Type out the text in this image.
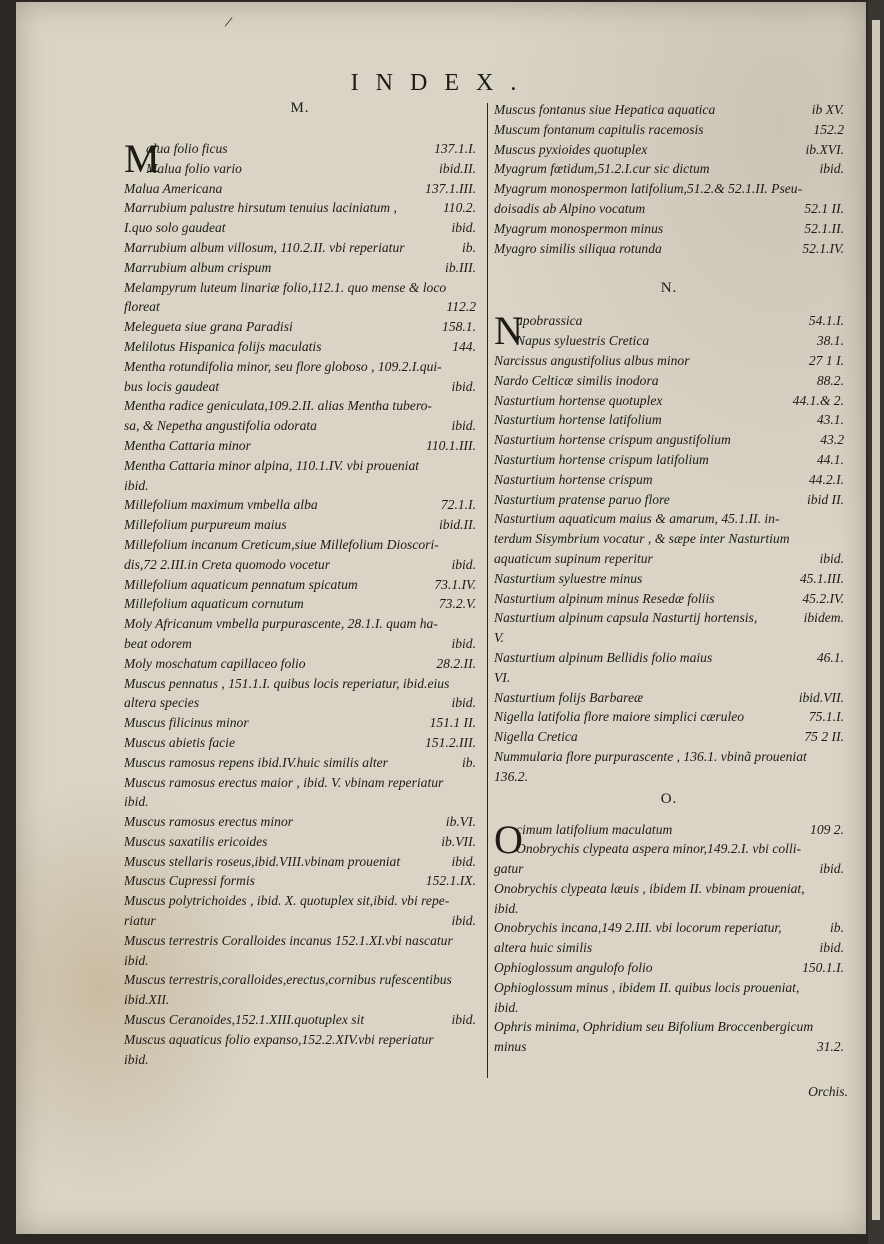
/
INDEX.
M.
M
alua folio ficus	137.1.I.
Malua folio vario	ibid.II.
Malua Americana	137.1.III.
Marrubium palustre hirsutum tenuius laciniatum ,	110.2.
I.quo solo gaudeat	ibid.
Marrubium album villosum, 110.2.II. vbi reperiatur	ib.
Marrubium album crispum	ib.III.
Melampyrum luteum linariæ folio,112.1. quo mense & loco
floreat	112.2
Melegueta siue grana Paradisi	158.1.
Melilotus Hispanica folijs maculatis	144.
Mentha rotundifolia minor, seu flore globoso , 109.2.I.qui-
bus locis gaudeat	ibid.
Mentha radice geniculata,109.2.II. alias Mentha tubero-
sa, & Nepetha angustifolia odorata	ibid.
Mentha Cattaria minor	110.1.III.
Mentha Cattaria minor alpina, 110.1.IV. vbi proueniat
ibid.
Millefolium maximum vmbella alba	72.1.I.
Millefolium purpureum maius	ibid.II.
Millefolium incanum Creticum,siue Millefolium Dioscori-
dis,72 2.III.in Creta quomodo vocetur	ibid.
Millefolium aquaticum pennatum spicatum	73.1.IV.
Millefolium aquaticum cornutum	73.2.V.
Moly Africanum vmbella purpurascente, 28.1.I. quam ha-
beat odorem	ibid.
Moly moschatum capillaceo folio	28.2.II.
Muscus pennatus , 151.1.I. quibus locis reperiatur, ibid.eius
altera species	ibid.
Muscus filicinus minor	151.1 II.
Muscus abietis facie	151.2.III.
Muscus ramosus repens ibid.IV.huic similis alter	ib.
Muscus ramosus erectus maior , ibid. V. vbinam reperiatur
ibid.
Muscus ramosus erectus minor	ib.VI.
Muscus saxatilis ericoides	ib.VII.
Muscus stellaris roseus,ibid.VIII.vbinam proueniat	ibid.
Muscus Cupressi formis	152.1.IX.
Muscus polytrichoides , ibid. X. quotuplex sit,ibid. vbi repe-
riatur	ibid.
Muscus terrestris Coralloides incanus 152.1.XI.vbi nascatur
ibid.
Muscus terrestris,coralloides,erectus,cornibus rufescentibus
ibid.XII.
Muscus Ceranoides,152.1.XIII.quotuplex sit	ibid.
Muscus aquaticus folio expanso,152.2.XIV.vbi reperiatur
ibid.
Muscus fontanus siue Hepatica aquatica	ib XV.
Muscum fontanum capitulis racemosis	152.2
Muscus pyxioides quotuplex	ib.XVI.
Myagrum fœtidum,51.2.I.cur sic dictum	ibid.
Myagrum monospermon latifolium,51.2.& 52.1.II. Pseu-
doisadis ab Alpino vocatum	52.1 II.
Myagrum monospermon minus	52.1.II.
Myagro similis siliqua rotunda	52.1.IV.
N.
N
apobrassica	54.1.I.
Napus syluestris Cretica	38.1.
Narcissus angustifolius albus minor	27 1 I.
Nardo Celticæ similis inodora	88.2.
Nasturtium hortense quotuplex	44.1.& 2.
Nasturtium hortense latifolium	43.1.
Nasturtium hortense crispum angustifolium	43.2
Nasturtium hortense crispum latifolium	44.1.
Nasturtium hortense crispum	44.2.I.
Nasturtium pratense paruo flore	ibid II.
Nasturtium aquaticum maius & amarum, 45.1.II. in-
terdum Sisymbrium vocatur , & sæpe inter Nasturtium
aquaticum supinum reperitur	ibid.
Nasturtium syluestre minus	45.1.III.
Nasturtium alpinum minus Resedæ foliis	45.2.IV.
Nasturtium alpinum capsula Nasturtij hortensis,	ibidem.
V.
Nasturtium alpinum Bellidis folio maius	46.1.
VI.
Nasturtium folijs Barbareæ	ibid.VII.
Nigella latifolia flore maiore simplici cæruleo	75.1.I.
Nigella Cretica	75 2 II.
Nummularia flore purpurascente , 136.1. vbinã proueniat
136.2.
O.
O
cimum latifolium maculatum	109 2.
Onobrychis clypeata aspera minor,149.2.I. vbi colli-
gatur	ibid.
Onobrychis clypeata læuis , ibidem II. vbinam proueniat,
ibid.
Onobrychis incana,149 2.III. vbi locorum reperiatur,	ib.
altera huic similis	ibid.
Ophioglossum angulofo folio	150.1.I.
Ophioglossum minus , ibidem II. quibus locis proueniat,
ibid.
Ophris minima, Ophridium seu Bifolium Broccenbergicum
minus	31.2.
Orchis.
